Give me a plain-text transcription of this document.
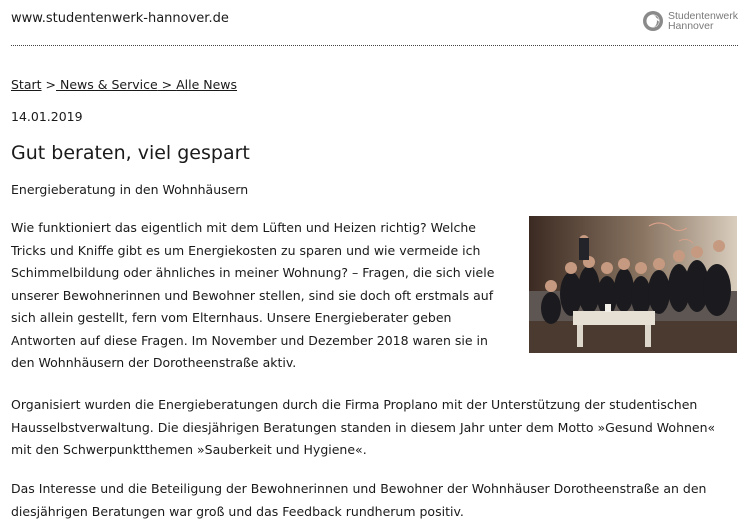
www.studentenwerk-hannover.de	Studentenwerk
Hannover
Start > News & Service > Alle News
14.01.2019
Gut beraten, viel gespart
Energieberatung in den Wohnhäusern

Wie funktioniert das eigentlich mit dem Lüften und Heizen richtig? Welche Tricks und Kniffe gibt es um Energiekosten zu sparen und wie vermeide ich Schimmelbildung oder ähnliches in meiner Wohnung? – Fragen, die sich viele unserer Bewohnerinnen und Bewohner stellen, sind sie doch oft erstmals auf sich allein gestellt, fern vom Elternhaus. Unsere Energieberater geben Antworten auf diese Fragen. Im November und Dezember 2018 waren sie in den Wohnhäusern der Dorotheenstraße aktiv.

Organisiert wurden die Energieberatungen durch die Firma Proplano mit der Unterstützung der studentischen Hausselbstverwaltung. Die diesjährigen Beratungen standen in diesem Jahr unter dem Motto »Gesund Wohnen« mit den Schwerpunktthemen »Sauberkeit und Hygiene«.

Das Interesse und die Beteiligung der Bewohnerinnen und Bewohner der Wohnhäuser Dorotheenstraße an den diesjährigen Beratungen war groß und das Feedback rundherum positiv.
